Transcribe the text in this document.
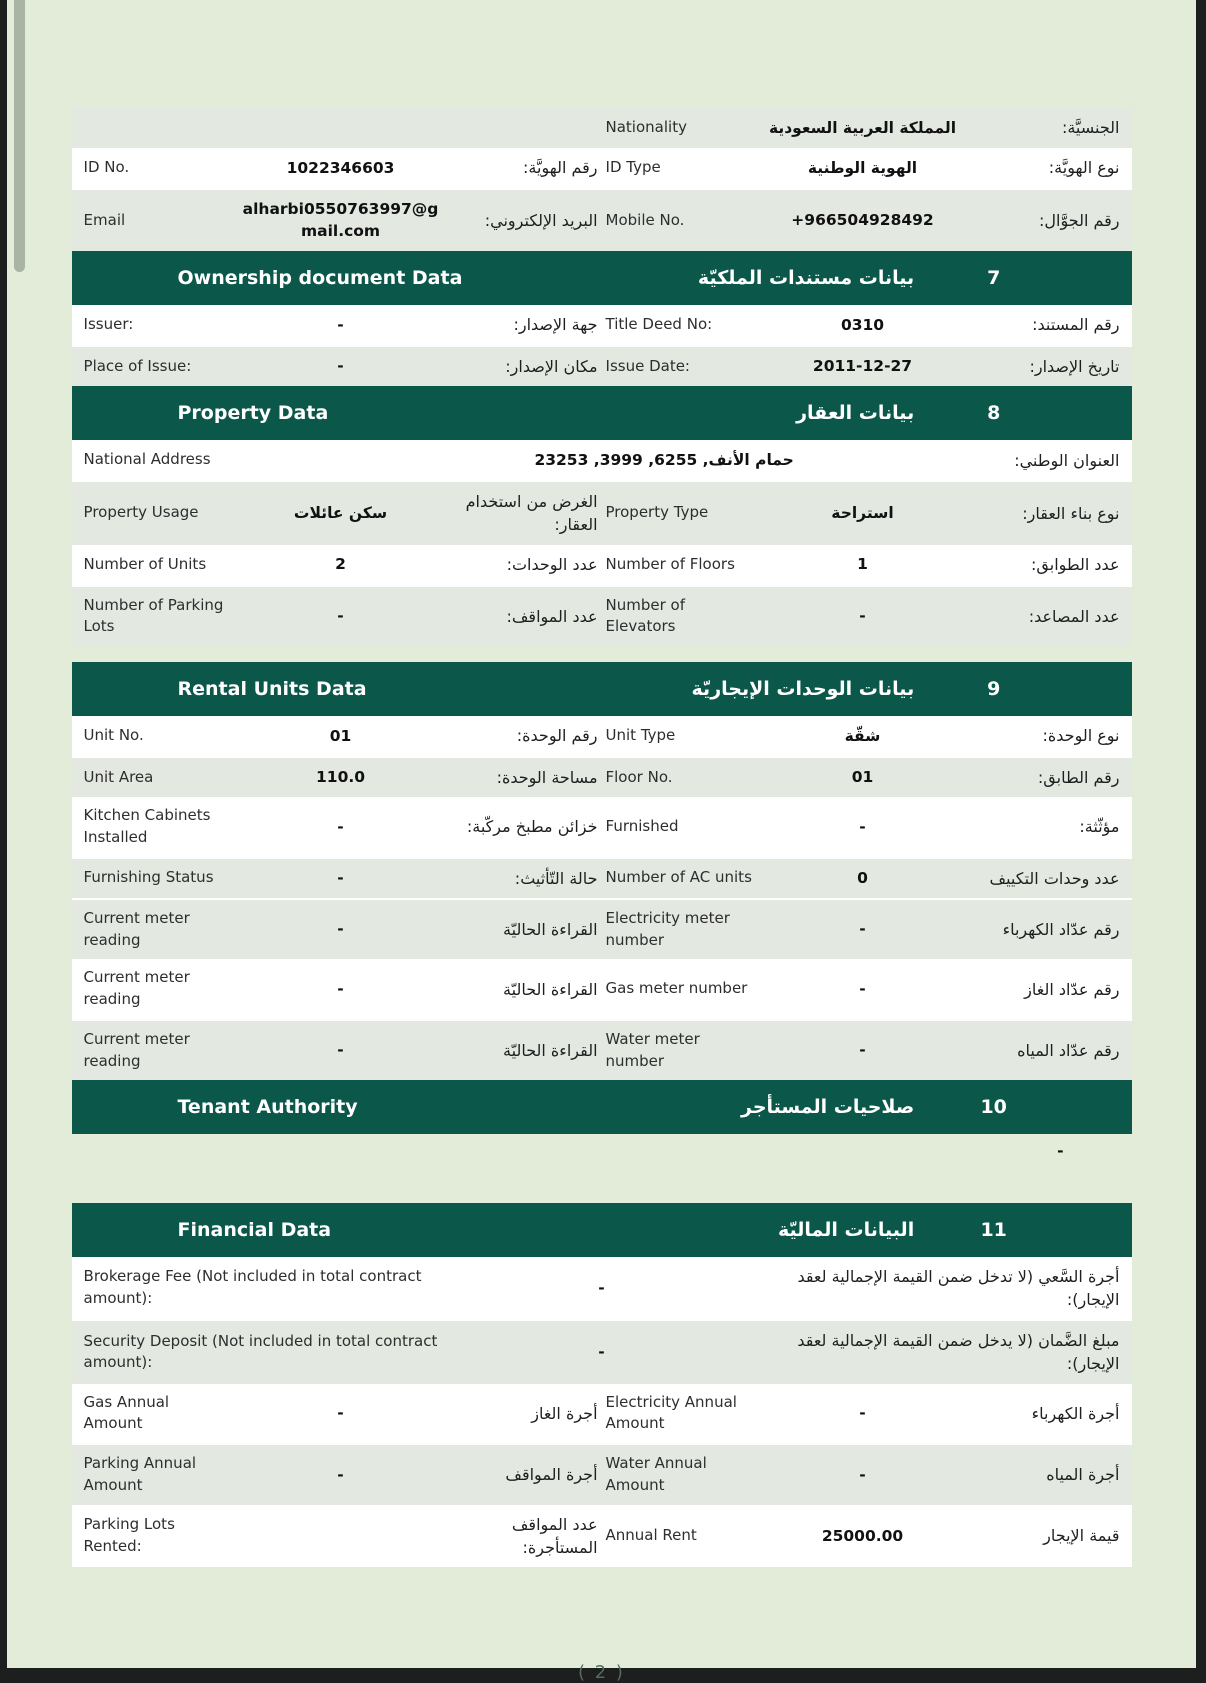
الجنسيَّة:
المملكة العربية السعودية
Nationality
نوع الهويَّة:
الهوية الوطنية
ID Type
رقم الهويَّة:
1022346603
ID No.
رقم الجوَّال:
+966504928492
Mobile No.
البريد الإلكتروني:
alharbi0550763997@gmail.com
Email
7
بيانات مستندات الملكيّة
Ownership document Data
رقم المستند:
0310
Title Deed No:
جهة الإصدار:
-
Issuer:
تاريخ الإصدار:
2011-12-27
Issue Date:
مكان الإصدار:
-
Place of Issue:
8
بيانات العقار
Property Data
العنوان الوطني:
حمام الأنف, 6255, 3999, 23253
National Address
نوع بناء العقار:
استراحة
Property Type
الغرض من استخدام العقار:
سكن عائلات
Property Usage
عدد الطوابق:
1
Number of Floors
عدد الوحدات:
2
Number of Units
عدد المصاعد:
-
Number of Elevators
عدد المواقف:
-
Number of Parking Lots
9
بيانات الوحدات الإيجاريّة
Rental Units Data
نوع الوحدة:
شقّة
Unit Type
رقم الوحدة:
01
Unit No.
رقم الطابق:
01
Floor No.
مساحة الوحدة:
110.0
Unit Area
مؤثّثة:
-
Furnished
خزائن مطبخ مركّبة:
-
Kitchen Cabinets Installed
عدد وحدات التكييف
0
Number of AC units
حالة التّأثيث:
-
Furnishing Status
رقم عدّاد الكهرباء
-
Electricity meter number
القراءة الحاليّة
-
Current meter reading
رقم عدّاد الغاز
-
Gas meter number
القراءة الحاليّة
-
Current meter reading
رقم عدّاد المياه
-
Water meter number
القراءة الحاليّة
-
Current meter reading
10
صلاحيات المستأجر
Tenant Authority
-
11
البيانات الماليّة
Financial Data
أجرة السَّعي (لا تدخل ضمن القيمة الإجمالية لعقد الإيجار):
-
Brokerage Fee (Not included in total contract amount):
مبلغ الضَّمان (لا يدخل ضمن القيمة الإجمالية لعقد الإيجار):
-
Security Deposit (Not included in total contract amount):
أجرة الكهرباء
-
Electricity Annual Amount
أجرة الغاز
-
Gas Annual Amount
أجرة المياه
-
Water Annual Amount
أجرة المواقف
-
Parking Annual Amount
قيمة الإيجار
25000.00
Annual Rent
عدد المواقف المستأجرة:
Parking Lots Rented:
( 2 )
